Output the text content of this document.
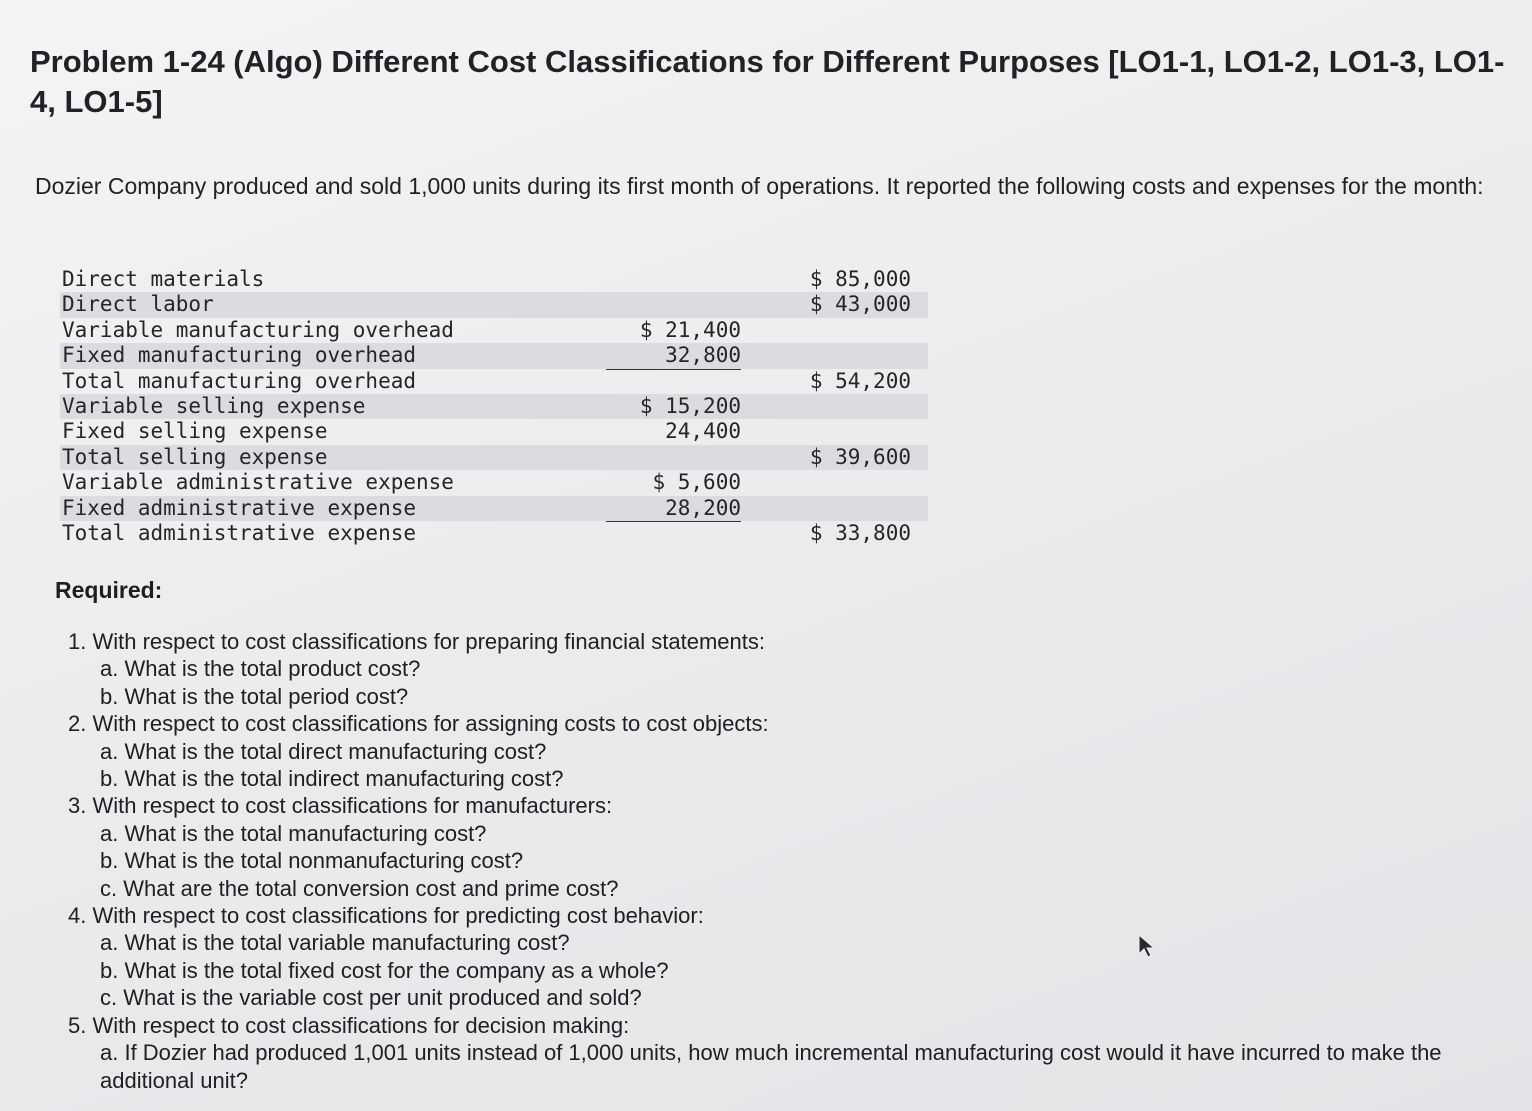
Problem 1-24 (Algo) Different Cost Classifications for Different Purposes [LO1-1, LO1-2, LO1-3, LO1-4, LO1-5]
Dozier Company produced and sold 1,000 units during its first month of operations. It reported the following costs and expenses for the month:
Direct materials	$ 85,000
Direct labor	$ 43,000
Variable manufacturing overhead	$ 21,400
Fixed manufacturing overhead	32,800
Total manufacturing overhead	$ 54,200
Variable selling expense	$ 15,200
Fixed selling expense	24,400
Total selling expense	$ 39,600
Variable administrative expense	$ 5,600
Fixed administrative expense	28,200
Total administrative expense	$ 33,800
Required:
1. With respect to cost classifications for preparing financial statements:
a. What is the total product cost?
b. What is the total period cost?
2. With respect to cost classifications for assigning costs to cost objects:
a. What is the total direct manufacturing cost?
b. What is the total indirect manufacturing cost?
3. With respect to cost classifications for manufacturers:
a. What is the total manufacturing cost?
b. What is the total nonmanufacturing cost?
c. What are the total conversion cost and prime cost?
4. With respect to cost classifications for predicting cost behavior:
a. What is the total variable manufacturing cost?
b. What is the total fixed cost for the company as a whole?
c. What is the variable cost per unit produced and sold?
5. With respect to cost classifications for decision making:
a. If Dozier had produced 1,001 units instead of 1,000 units, how much incremental manufacturing cost would it have incurred to make the additional unit?
